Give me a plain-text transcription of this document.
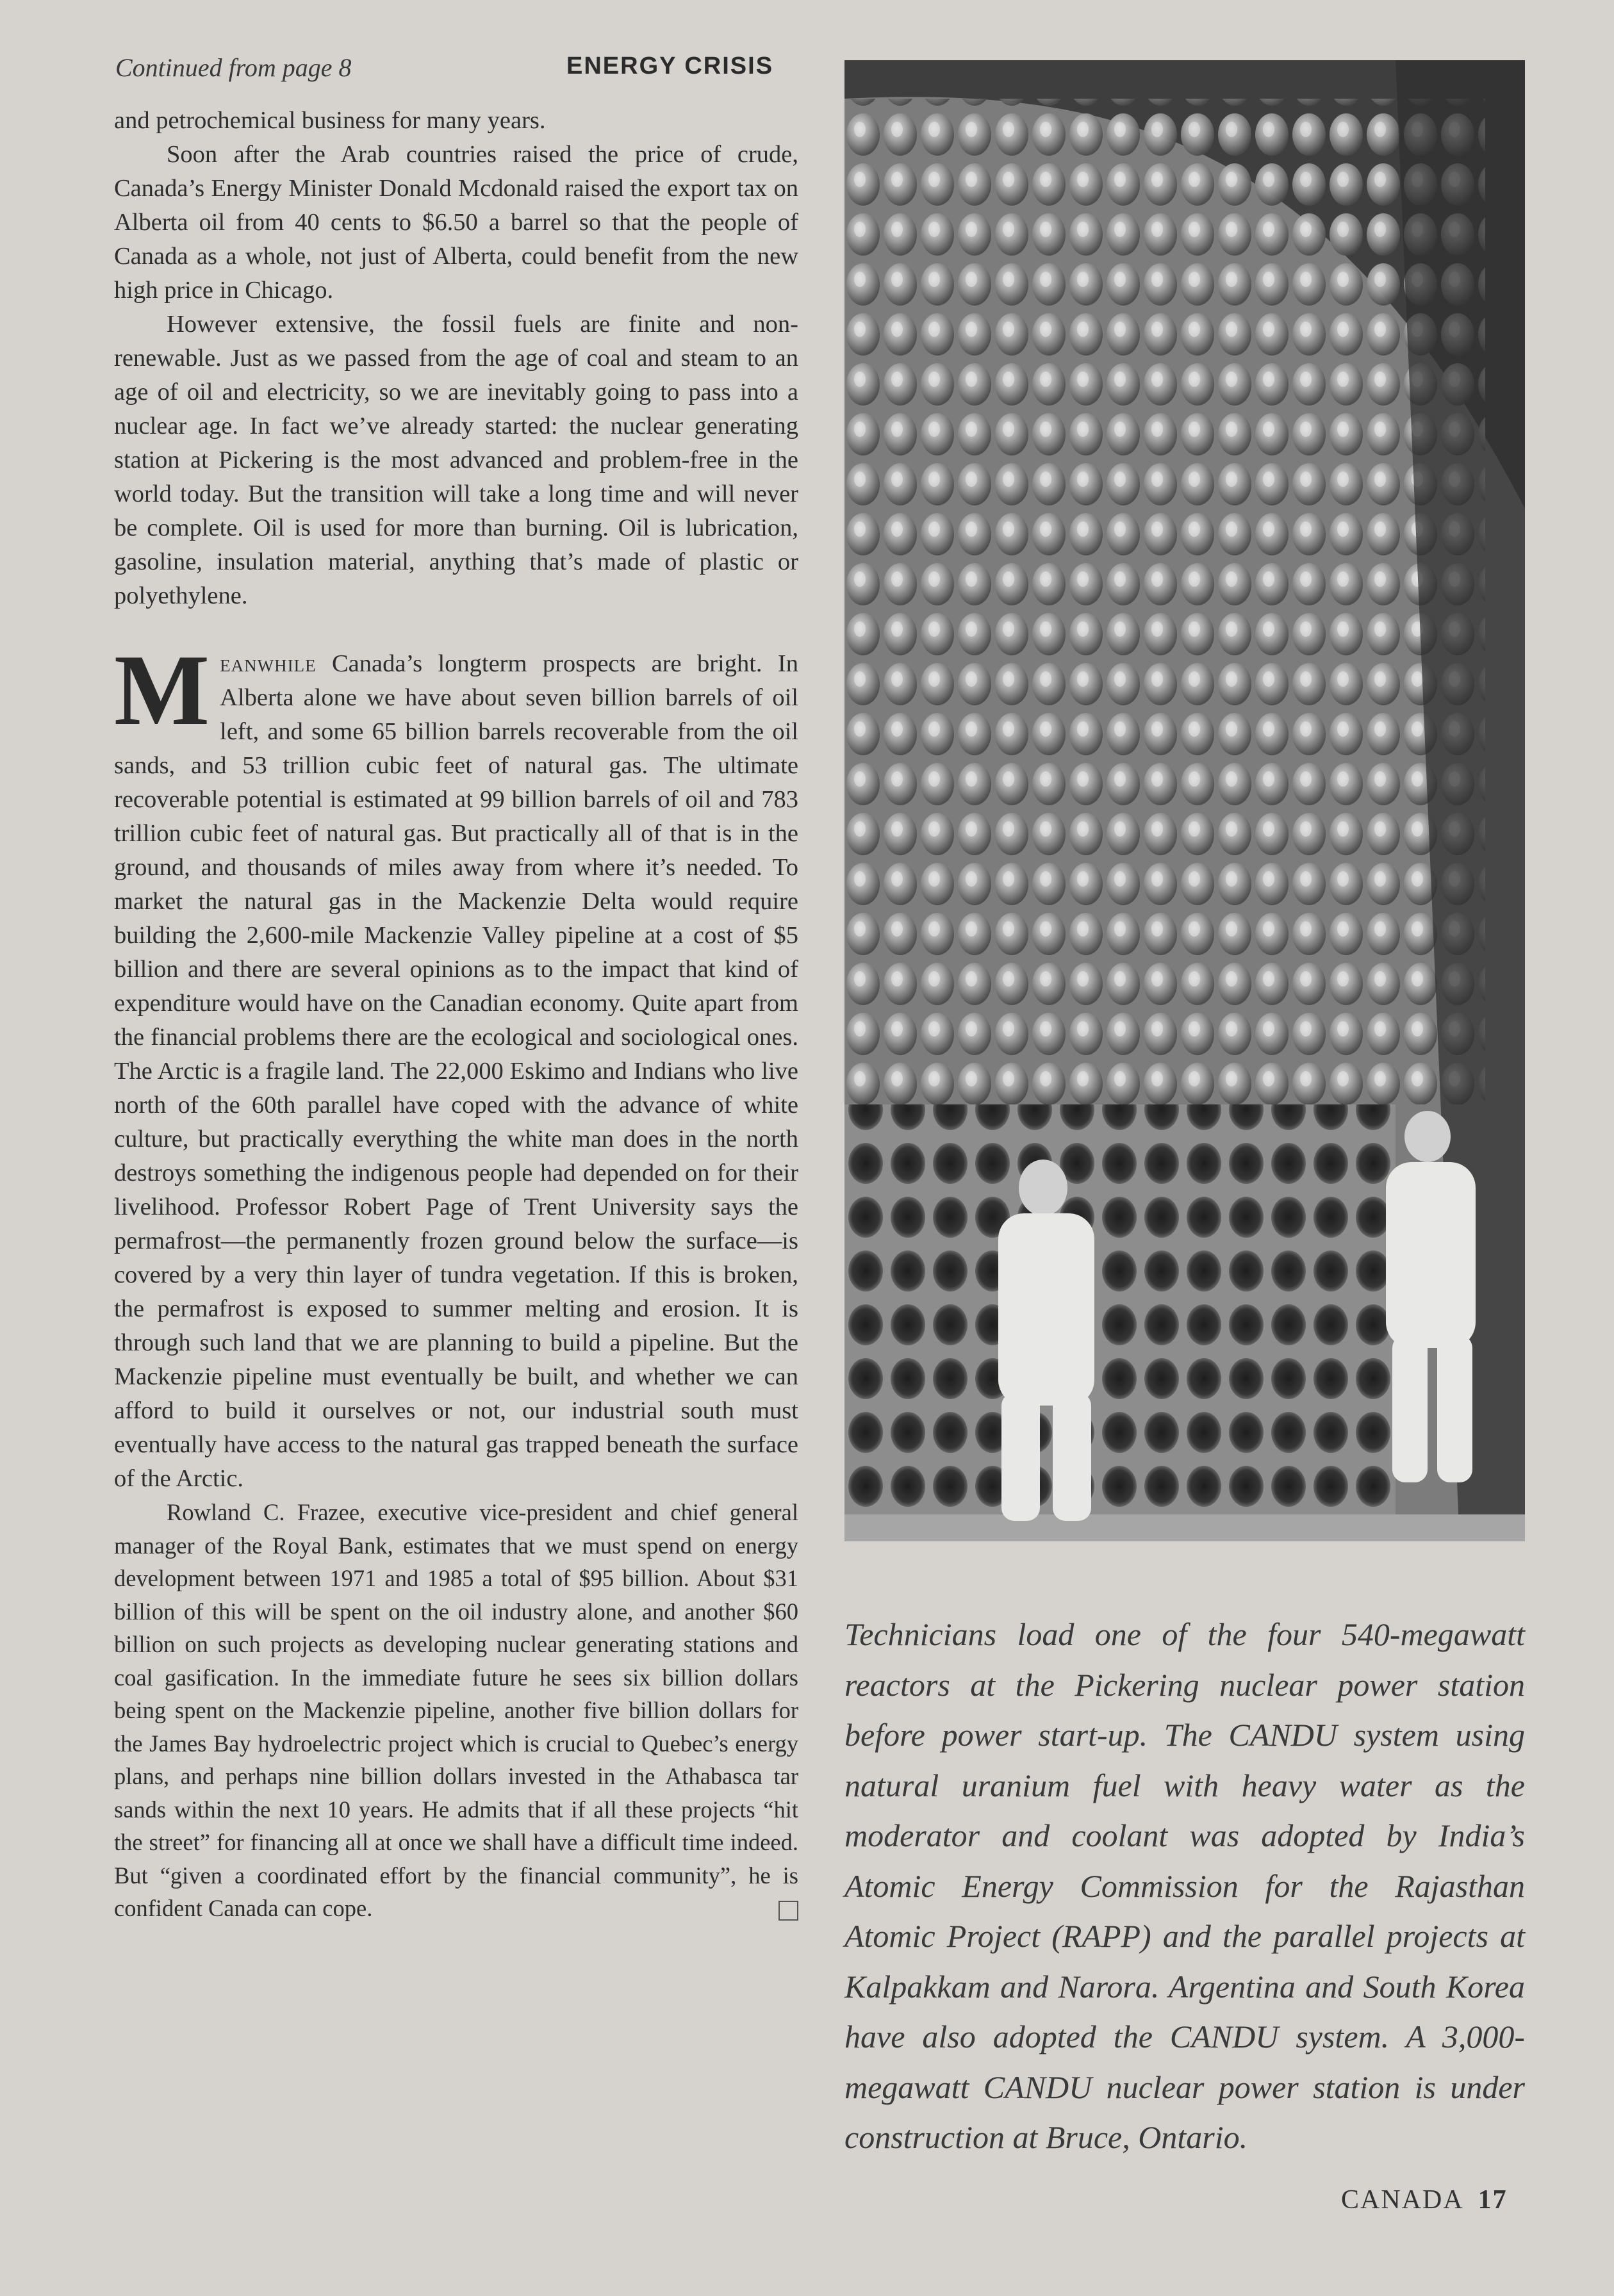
Continued from page 8	ENERGY CRISIS

and petrochemical business for many years.

Soon after the Arab countries raised the price of crude, Canada’s Energy Minister Donald Mcdonald raised the export tax on Alberta oil from 40 cents to $6.50 a barrel so that the people of Canada as a whole, not just of Alberta, could benefit from the new high price in Chicago.

However extensive, the fossil fuels are finite and nonrenewable. Just as we passed from the age of coal and steam to an age of oil and electricity, so we are inevitably going to pass into a nuclear age. In fact we’ve already started: the nuclear generating station at Pickering is the most advanced and problem-free in the world today. But the transition will take a long time and will never be complete. Oil is used for more than burning. Oil is lubrication, gasoline, insulation material, anything that’s made of plastic or polyethylene.

Meanwhile Canada’s longterm prospects are bright. In Alberta alone we have about seven billion barrels of oil left, and some 65 billion barrels recoverable from the oil sands, and 53 trillion cubic feet of natural gas. The ultimate recoverable potential is estimated at 99 billion barrels of oil and 783 trillion cubic feet of natural gas. But practically all of that is in the ground, and thousands of miles away from where it’s needed. To market the natural gas in the Mackenzie Delta would require building the 2,600-mile Mackenzie Valley pipeline at a cost of $5 billion and there are several opinions as to the impact that kind of expenditure would have on the Canadian economy. Quite apart from the financial problems there are the ecological and sociological ones. The Arctic is a fragile land. The 22,000 Eskimo and Indians who live north of the 60th parallel have coped with the advance of white culture, but practically everything the white man does in the north destroys something the indigenous people had depended on for their livelihood. Professor Robert Page of Trent University says the permafrost—the permanently frozen ground below the surface—is covered by a very thin layer of tundra vegetation. If this is broken, the permafrost is exposed to summer melting and erosion. It is through such land that we are planning to build a pipeline. But the Mackenzie pipeline must eventually be built, and whether we can afford to build it ourselves or not, our industrial south must eventually have access to the natural gas trapped beneath the surface of the Arctic.

Rowland C. Frazee, executive vice-president and chief general manager of the Royal Bank, estimates that we must spend on energy development between 1971 and 1985 a total of $95 billion. About $31 billion of this will be spent on the oil industry alone, and another $60 billion on such projects as developing nuclear generating stations and coal gasification. In the immediate future he sees six billion dollars being spent on the Mackenzie pipeline, another five billion dollars for the James Bay hydroelectric project which is crucial to Quebec’s energy plans, and perhaps nine billion dollars invested in the Athabasca tar sands within the next 10 years. He admits that if all these projects “hit the street” for financing all at once we shall have a difficult time indeed. But “given a coordinated effort by the financial community”, he is confident Canada can cope.

Technicians load one of the four 540-megawatt reactors at the Pickering nuclear power station before power start-up. The CANDU system using natural uranium fuel with heavy water as the moderator and coolant was adopted by India’s Atomic Energy Commission for the Rajasthan Atomic Project (RAPP) and the parallel projects at Kalpakkam and Narora. Argentina and South Korea have also adopted the CANDU system. A 3,000-megawatt CANDU nuclear power station is under construction at Bruce, Ontario.
CANADA 17
